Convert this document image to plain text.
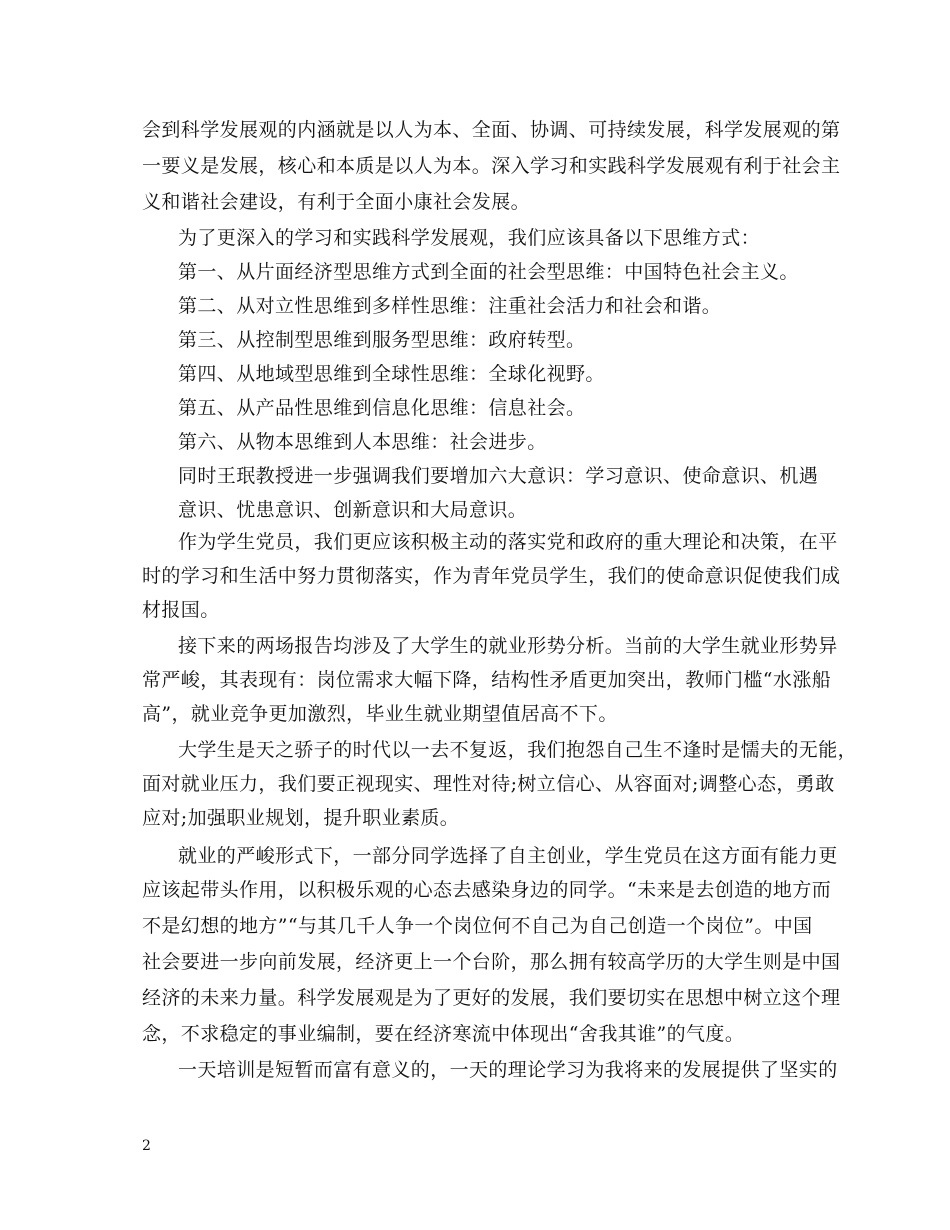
会到科学发展观的内涵就是以人为本、全面、协调、可持续发展，科学发展观的第
一要义是发展，核心和本质是以人为本。深入学习和实践科学发展观有利于社会主
义和谐社会建设，有利于全面小康社会发展。
为了更深入的学习和实践科学发展观，我们应该具备以下思维方式：
第一、从片面经济型思维方式到全面的社会型思维：中国特色社会主义。
第二、从对立性思维到多样性思维：注重社会活力和社会和谐。
第三、从控制型思维到服务型思维：政府转型。
第四、从地域型思维到全球性思维：全球化视野。
第五、从产品性思维到信息化思维：信息社会。
第六、从物本思维到人本思维：社会进步。
同时王珉教授进一步强调我们要增加六大意识：学习意识、使命意识、机遇
意识、忧患意识、创新意识和大局意识。
作为学生党员，我们更应该积极主动的落实党和政府的重大理论和决策，在平
时的学习和生活中努力贯彻落实，作为青年党员学生，我们的使命意识促使我们成
材报国。
接下来的两场报告均涉及了大学生的就业形势分析。当前的大学生就业形势异
常严峻，其表现有：岗位需求大幅下降，结构性矛盾更加突出，教师门槛“水涨船
高”，就业竞争更加激烈，毕业生就业期望值居高不下。
大学生是天之骄子的时代以一去不复返，我们抱怨自己生不逢时是懦夫的无能，
面对就业压力，我们要正视现实、理性对待;树立信心、从容面对;调整心态，勇敢
应对;加强职业规划，提升职业素质。
就业的严峻形式下，一部分同学选择了自主创业，学生党员在这方面有能力更
应该起带头作用，以积极乐观的心态去感染身边的同学。“未来是去创造的地方而
不是幻想的地方”“与其几千人争一个岗位何不自己为自己创造一个岗位”。中国
社会要进一步向前发展，经济更上一个台阶，那么拥有较高学历的大学生则是中国
经济的未来力量。科学发展观是为了更好的发展，我们要切实在思想中树立这个理
念，不求稳定的事业编制，要在经济寒流中体现出“舍我其谁”的气度。
一天培训是短暂而富有意义的，一天的理论学习为我将来的发展提供了坚实的
2
